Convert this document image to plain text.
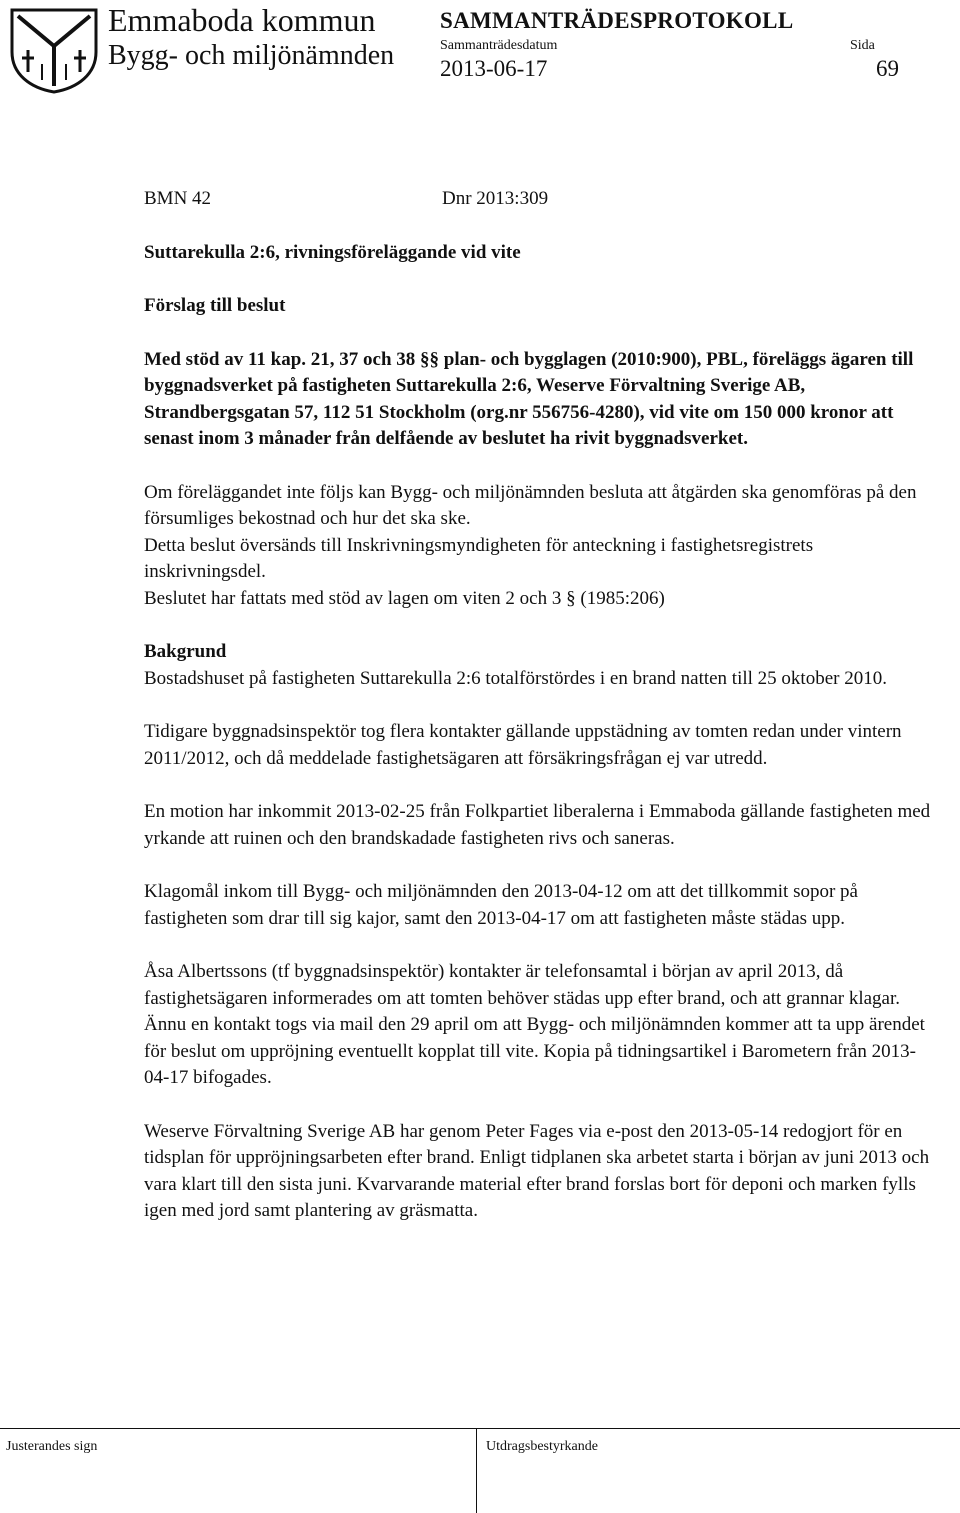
Emmaboda kommun
Bygg- och miljönämnden
SAMMANTRÄDESPROTOKOLL
Sammanträdesdatum	Sida
2013-06-17	69
BMN 42	Dnr 2013:309

Suttarekulla 2:6, rivningsföreläggande vid vite

Förslag till beslut

Med stöd av 11 kap. 21, 37 och 38 §§ plan- och bygglagen (2010:900), PBL, föreläggs ägaren till byggnadsverket på fastigheten Suttarekulla 2:6, Weserve Förvaltning Sverige AB, Strandbergsgatan 57, 112 51 Stockholm (org.nr 556756-4280), vid vite om 150 000 kronor att senast inom 3 månader från delfående av beslutet ha rivit byggnadsverket.

Om föreläggandet inte följs kan Bygg- och miljönämnden besluta att åtgärden ska genomföras på den försumliges bekostnad och hur det ska ske.

Detta beslut översänds till Inskrivningsmyndigheten för anteckning i fastighetsregistrets inskrivningsdel.

Beslutet har fattats med stöd av lagen om viten 2 och 3 § (1985:206)

Bakgrund

Bostadshuset på fastigheten Suttarekulla 2:6 totalförstördes i en brand natten till 25 oktober 2010.

Tidigare byggnadsinspektör tog flera kontakter gällande uppstädning av tomten redan under vintern 2011/2012, och då meddelade fastighetsägaren att försäkringsfrågan ej var utredd.

En motion har inkommit 2013-02-25 från Folkpartiet liberalerna i Emmaboda gällande fastigheten med yrkande att ruinen och den brandskadade fastigheten rivs och saneras.

Klagomål inkom till Bygg- och miljönämnden den 2013-04-12 om att det tillkommit sopor på fastigheten som drar till sig kajor, samt den 2013-04-17 om att fastigheten måste städas upp.

Åsa Albertssons (tf byggnadsinspektör) kontakter är telefonsamtal i början av april 2013, då fastighetsägaren informerades om att tomten behöver städas upp efter brand, och att grannar klagar.

Ännu en kontakt togs via mail den 29 april om att Bygg- och miljönämnden kommer att ta upp ärendet för beslut om uppröjning eventuellt kopplat till vite. Kopia på tidningsartikel i Barometern från 2013-04-17 bifogades.

Weserve Förvaltning Sverige AB har genom Peter Fages via e-post den 2013-05-14 redogjort för en tidsplan för uppröjningsarbeten efter brand. Enligt tidplanen ska arbetet starta i början av juni 2013 och vara klart till den sista juni. Kvarvarande material efter brand forslas bort för deponi och marken fylls igen med jord samt plantering av gräsmatta.

Justerandes sign	Utdragsbestyrkande
